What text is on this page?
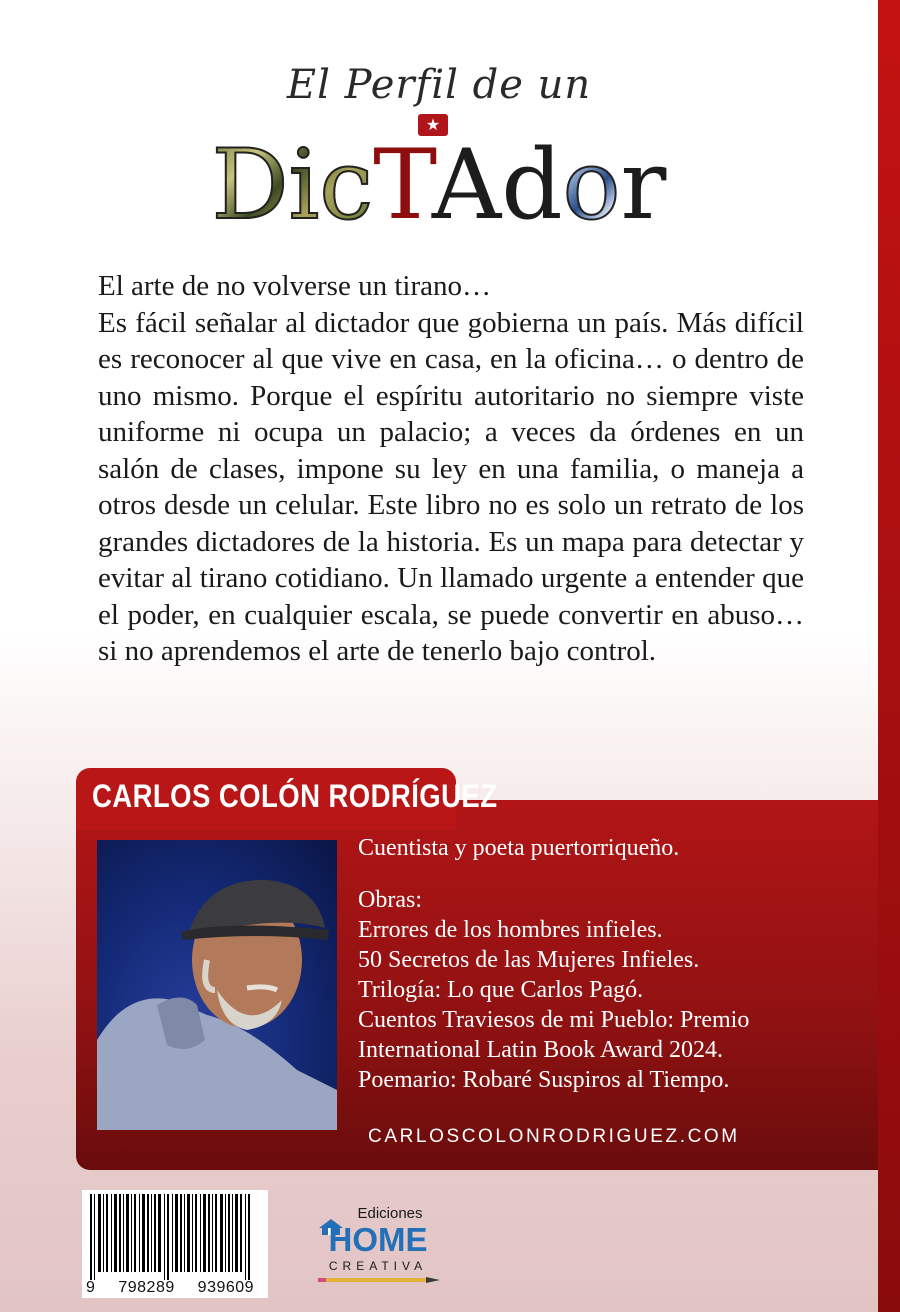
El Perfil de un
★
DicTAdor

El arte de no volverse un tirano…

Es fácil señalar al dictador que gobierna un país. Más difícil es reconocer al que vive en casa, en la oficina… o dentro de uno mismo. Porque el espíritu autoritario no siempre viste uniforme ni ocupa un palacio; a veces da órdenes en un salón de clases, impone su ley en una familia, o maneja a otros desde un celular. Este libro no es solo un retrato de los grandes dictadores de la historia. Es un mapa para detectar y evitar al tirano cotidiano. Un llamado urgente a entender que el poder, en cualquier escala, se puede convertir en abuso… si no aprendemos el arte de tenerlo bajo control.

CARLOS COLÓN RODRÍGUEZ

Cuentista y poeta puertorriqueño.

Obras:

Errores de los hombres infieles.

50 Secretos de las Mujeres Infieles.

Trilogía: Lo que Carlos Pagó.

Cuentos Traviesos de mi Pueblo: Premio

International Latin Book Award 2024.

Poemario: Robaré Suspiros al Tiempo.

CARLOSCOLONRODRIGUEZ.COM

9 798289 939609

Ediciones

HOME

CREATIVA
